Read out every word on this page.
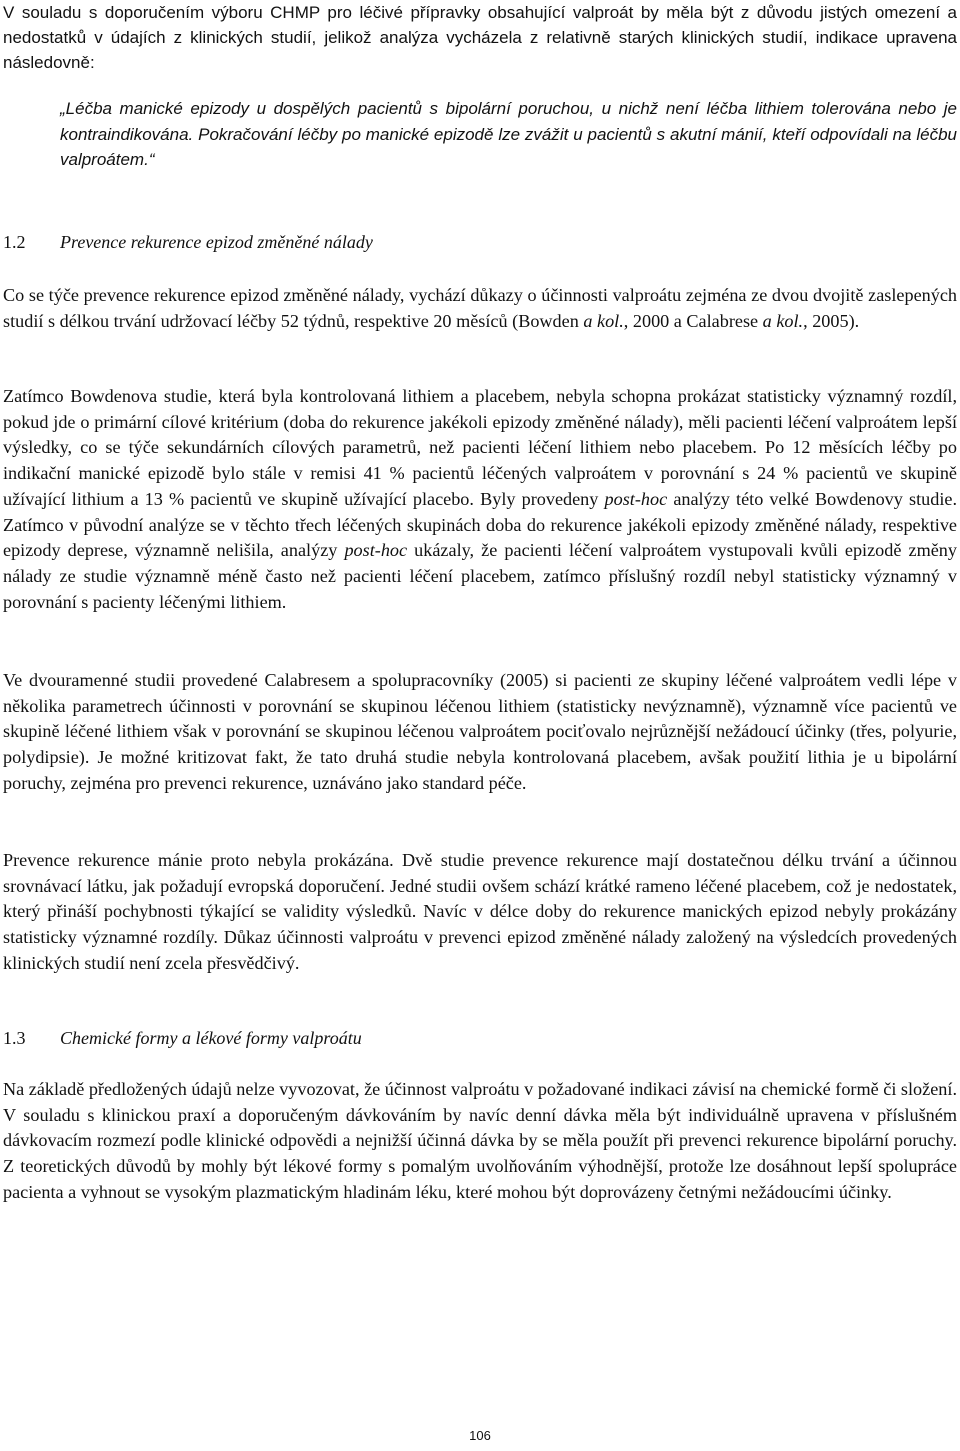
V souladu s doporučením výboru CHMP pro léčivé přípravky obsahující valproát by měla být z důvodu jistých omezení a nedostatků v údajích z klinických studií, jelikož analýza vycházela z relativně starých klinických studií, indikace upravena následovně:

„Léčba manické epizody u dospělých pacientů s bipolární poruchou, u nichž není léčba lithiem tolerována nebo je kontraindikována. Pokračování léčby po manické epizodě lze zvážit u pacientů s akutní mánií, kteří odpovídali na léčbu valproátem.“

1.2	Prevence rekurence epizod změněné nálady

Co se týče prevence rekurence epizod změněné nálady, vychází důkazy o účinnosti valproátu zejména ze dvou dvojitě zaslepených studií s délkou trvání udržovací léčby 52 týdnů, respektive 20 měsíců (Bowden a kol., 2000 a Calabrese a kol., 2005).

Zatímco Bowdenova studie, která byla kontrolovaná lithiem a placebem, nebyla schopna prokázat statisticky významný rozdíl, pokud jde o primární cílové kritérium (doba do rekurence jakékoli epizody změněné nálady), měli pacienti léčení valproátem lepší výsledky, co se týče sekundárních cílových parametrů, než pacienti léčení lithiem nebo placebem. Po 12 měsících léčby po indikační manické epizodě bylo stále v remisi 41 % pacientů léčených valproátem v porovnání s 24 % pacientů ve skupině užívající lithium a 13 % pacientů ve skupině užívající placebo. Byly provedeny post-hoc analýzy této velké Bowdenovy studie. Zatímco v původní analýze se v těchto třech léčených skupinách doba do rekurence jakékoli epizody změněné nálady, respektive epizody deprese, významně nelišila, analýzy post-hoc ukázaly, že pacienti léčení valproátem vystupovali kvůli epizodě změny nálady ze studie významně méně často než pacienti léčení placebem, zatímco příslušný rozdíl nebyl statisticky významný v porovnání s pacienty léčenými lithiem.

Ve dvouramenné studii provedené Calabresem a spolupracovníky (2005) si pacienti ze skupiny léčené valproátem vedli lépe v několika parametrech účinnosti v porovnání se skupinou léčenou lithiem (statisticky nevýznamně), významně více pacientů ve skupině léčené lithiem však v porovnání se skupinou léčenou valproátem pociťovalo nejrůznější nežádoucí účinky (třes, polyurie, polydipsie). Je možné kritizovat fakt, že tato druhá studie nebyla kontrolovaná placebem, avšak použití lithia je u bipolární poruchy, zejména pro prevenci rekurence, uznáváno jako standard péče.

Prevence rekurence mánie proto nebyla prokázána. Dvě studie prevence rekurence mají dostatečnou délku trvání a účinnou srovnávací látku, jak požadují evropská doporučení. Jedné studii ovšem schází krátké rameno léčené placebem, což je nedostatek, který přináší pochybnosti týkající se validity výsledků. Navíc v délce doby do rekurence manických epizod nebyly prokázány statisticky významné rozdíly. Důkaz účinnosti valproátu v prevenci epizod změněné nálady založený na výsledcích provedených klinických studií není zcela přesvědčivý.

1.3	Chemické formy a lékové formy valproátu

Na základě předložených údajů nelze vyvozovat, že účinnost valproátu v požadované indikaci závisí na chemické formě či složení. V souladu s klinickou praxí a doporučeným dávkováním by navíc denní dávka měla být individuálně upravena v příslušném dávkovacím rozmezí podle klinické odpovědi a nejnižší účinná dávka by se měla použít při prevenci rekurence bipolární poruchy. Z teoretických důvodů by mohly být lékové formy s pomalým uvolňováním výhodnější, protože lze dosáhnout lepší spolupráce pacienta a vyhnout se vysokým plazmatickým hladinám léku, které mohou být doprovázeny četnými nežádoucími účinky.

106
